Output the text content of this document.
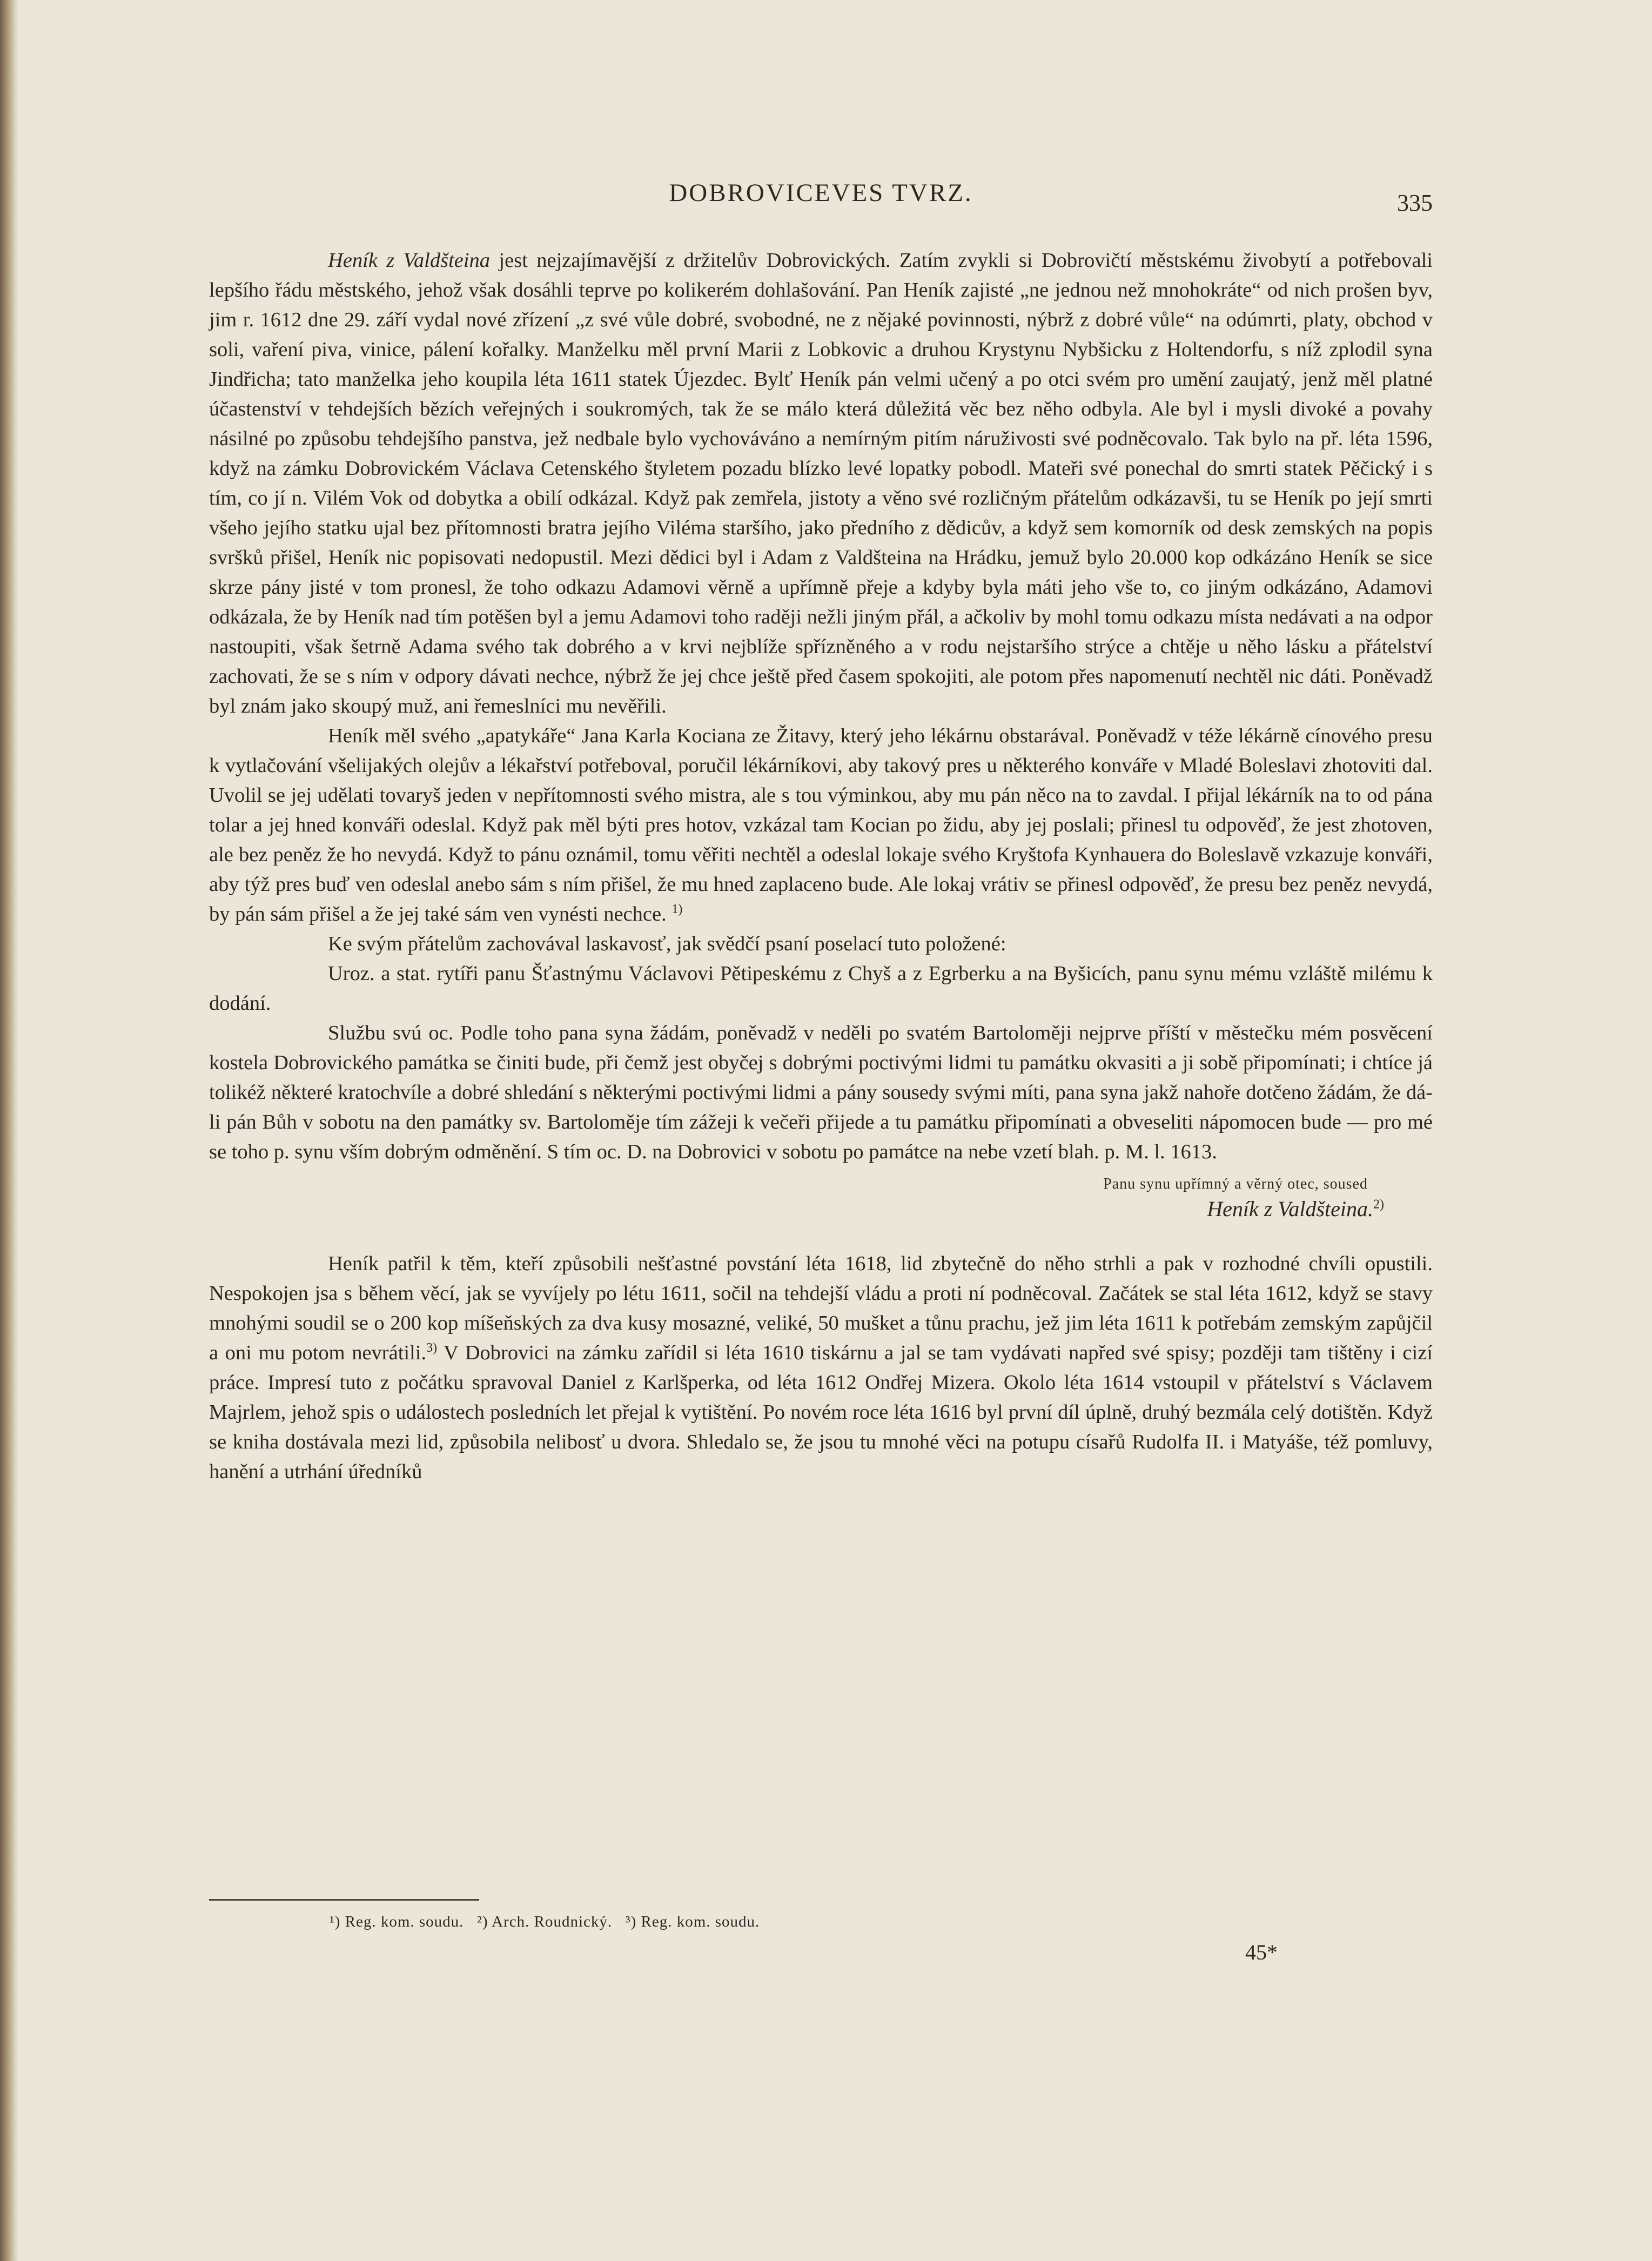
DOBROVICEVES TVRZ.	335

Heník z Valdšteina jest nejzajímavější z držitelův Dobrovických. Zatím zvykli si Dobrovičtí městskému živobytí a potřebovali lepšího řádu městského, jehož však dosáhli teprve po kolikerém dohlašování. Pan Heník zajisté „ne jednou než mnohokráte“ od nich prošen byv, jim r. 1612 dne 29. září vydal nové zřízení „z své vůle dobré, svobodné, ne z nějaké povinnosti, nýbrž z dobré vůle“ na odúmrti, platy, obchod v soli, vaření piva, vinice, pálení kořalky. Manželku měl první Marii z Lobkovic a druhou Krystynu Nybšicku z Holtendorfu, s níž zplodil syna Jindřicha; tato manželka jeho koupila léta 1611 statek Újezdec. Bylť Heník pán velmi učený a po otci svém pro umění zaujatý, jenž měl platné účastenství v tehdejších bězích veřejných i soukromých, tak že se málo která důležitá věc bez něho odbyla. Ale byl i mysli divoké a povahy násilné po způsobu tehdejšího panstva, jež nedbale bylo vychováváno a nemírným pitím náruživosti své podněcovalo. Tak bylo na př. léta 1596, když na zámku Dobrovickém Václava Cetenského štyletem pozadu blízko levé lopatky pobodl. Mateři své ponechal do smrti statek Pěčický i s tím, co jí n. Vilém Vok od dobytka a obilí odkázal. Když pak zemřela, jistoty a věno své rozličným přátelům odkázavši, tu se Heník po její smrti všeho jejího statku ujal bez přítomnosti bratra jejího Viléma staršího, jako předního z dědicův, a když sem komorník od desk zemských na popis svršků přišel, Heník nic popisovati nedopustil. Mezi dědici byl i Adam z Valdšteina na Hrádku, jemuž bylo 20.000 kop odkázáno Heník se sice skrze pány jisté v tom pronesl, že toho odkazu Adamovi věrně a upřímně přeje a kdyby byla máti jeho vše to, co jiným odkázáno, Adamovi odkázala, že by Heník nad tím potěšen byl a jemu Adamovi toho raději nežli jiným přál, a ačkoliv by mohl tomu odkazu místa nedávati a na odpor nastoupiti, však šetrně Adama svého tak dobrého a v krvi nejblíže spřízněného a v rodu nejstaršího strýce a chtěje u něho lásku a přátelství zachovati, že se s ním v odpory dávati nechce, nýbrž že jej chce ještě před časem spokojiti, ale potom přes napomenutí nechtěl nic dáti. Poněvadž byl znám jako skoupý muž, ani řemeslníci mu nevěřili.

Heník měl svého „apatykáře“ Jana Karla Kociana ze Žitavy, který jeho lékárnu obstarával. Poněvadž v téže lékárně cínového presu k vytlačování všelijakých olejův a lékařství potřeboval, poručil lékárníkovi, aby takový pres u některého konváře v Mladé Boleslavi zhotoviti dal. Uvolil se jej udělati tovaryš jeden v nepřítomnosti svého mistra, ale s tou výminkou, aby mu pán něco na to zavdal. I přijal lékárník na to od pána tolar a jej hned konváři odeslal. Když pak měl býti pres hotov, vzkázal tam Kocian po židu, aby jej poslali; přinesl tu odpověď, že jest zhotoven, ale bez peněz že ho nevydá. Když to pánu oznámil, tomu věřiti nechtěl a odeslal lokaje svého Kryštofa Kynhauera do Boleslavě vzkazuje konváři, aby týž pres buď ven odeslal anebo sám s ním přišel, že mu hned zaplaceno bude. Ale lokaj vrátiv se přinesl odpověď, že presu bez peněz nevydá, by pán sám přišel a že jej také sám ven vynésti nechce. $^{1)}$

Ke svým přátelům zachovával laskavosť, jak svědčí psaní poselací tuto položené:

Uroz. a stat. rytíři panu Šťastnýmu Václavovi Pětipeskému z Chyš a z Egrberku a na Byšicích, panu synu mému vzláště milému k dodání.

Službu svú oc. Podle toho pana syna žádám, poněvadž v neděli po svatém Bartoloměji nejprve příští v městečku mém posvěcení kostela Dobrovického památka se činiti bude, při čemž jest obyčej s dobrými poctivými lidmi tu památku okvasiti a ji sobě připomínati; i chtíce já tolikéž některé kratochvíle a dobré shledání s některými poctivými lidmi a pány sousedy svými míti, pana syna jakž nahoře dotčeno žádám, že dá-li pán Bůh v sobotu na den památky sv. Bartoloměje tím zážeji k večeři přijede a tu památku připomínati a obveseliti nápomocen bude — pro mé se toho p. synu vším dobrým odměnění. S tím oc. D. na Dobrovici v sobotu po památce na nebe vzetí blah. p. M. l. 1613.

Panu synu upřímný a věrný otec, soused
Heník z Valdšteina.$^{2)}$

Heník patřil k těm, kteří způsobili nešťastné povstání léta 1618, lid zbytečně do něho strhli a pak v rozhodné chvíli opustili. Nespokojen jsa s během věcí, jak se vyvíjely po létu 1611, sočil na tehdejší vládu a proti ní podněcoval. Začátek se stal léta 1612, když se stavy mnohými soudil se o 200 kop míšeňských za dva kusy mosazné, veliké, 50 mušket a tůnu prachu, jež jim léta 1611 k potřebám zemským zapůjčil a oni mu potom nevrátili.$^{3)}$ V Dobrovici na zámku zařídil si léta 1610 tiskárnu a jal se tam vydávati napřed své spisy; později tam tištěny i cizí práce. Impresí tuto z počátku spravoval Daniel z Karlšperka, od léta 1612 Ondřej Mizera. Okolo léta 1614 vstoupil v přátelství s Václavem Majrlem, jehož spis o událostech posledních let přejal k vytištění. Po novém roce léta 1616 byl první díl úplně, druhý bezmála celý dotištěn. Když se kniha dostávala mezi lid, způsobila nelibosť u dvora. Shledalo se, že jsou tu mnohé věci na potupu císařů Rudolfa II. i Matyáše, též pomluvy, hanění a utrhání úředníků

¹) Reg. kom. soudu.   ²) Arch. Roudnický.   ³) Reg. kom. soudu.
45*
